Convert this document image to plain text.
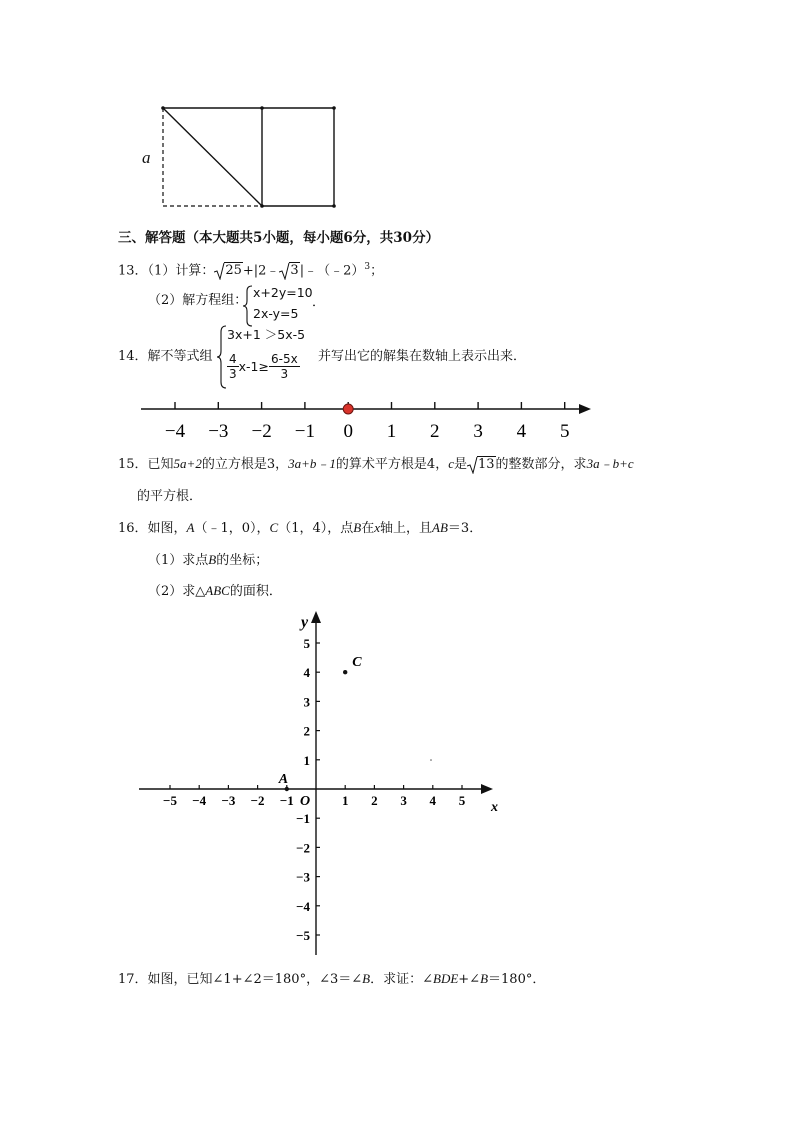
a
三、解答题（本大题共5小题，每小题6分，共30分）
13．（1）计算： 25+|2﹣ 3|﹣（﹣2）$^3$；
（2）解方程组：
x+2y=10
2x-y=5
．
14．解不等式组
3x+1 ＞5x-5
$\frac{4}{3} x-1\ge \frac{6-5x}{3}$ 并写出它的解集在数轴上表示出来．
−4 −3 −2 −1 0 1 2 3 4 5
15．已知5a+2的立方根是3，3a+b﹣1的算术平方根是4，c是 13的整数部分，求3a﹣b+c
的平方根．
16．如图，A（﹣1，0），C（1，4），点B在x轴上，且AB＝3．
（1）求点B的坐标；
（2）求△ABC的面积．
−5 −4 −3 −2 −1	1 2 3 4 5
5
4
3
2
1
−1
−2
−3
−4
−5
A
C
O
y
x
17．如图，已知∠1+∠2＝180°，∠3＝∠B．求证：∠BDE+∠B＝180°．
